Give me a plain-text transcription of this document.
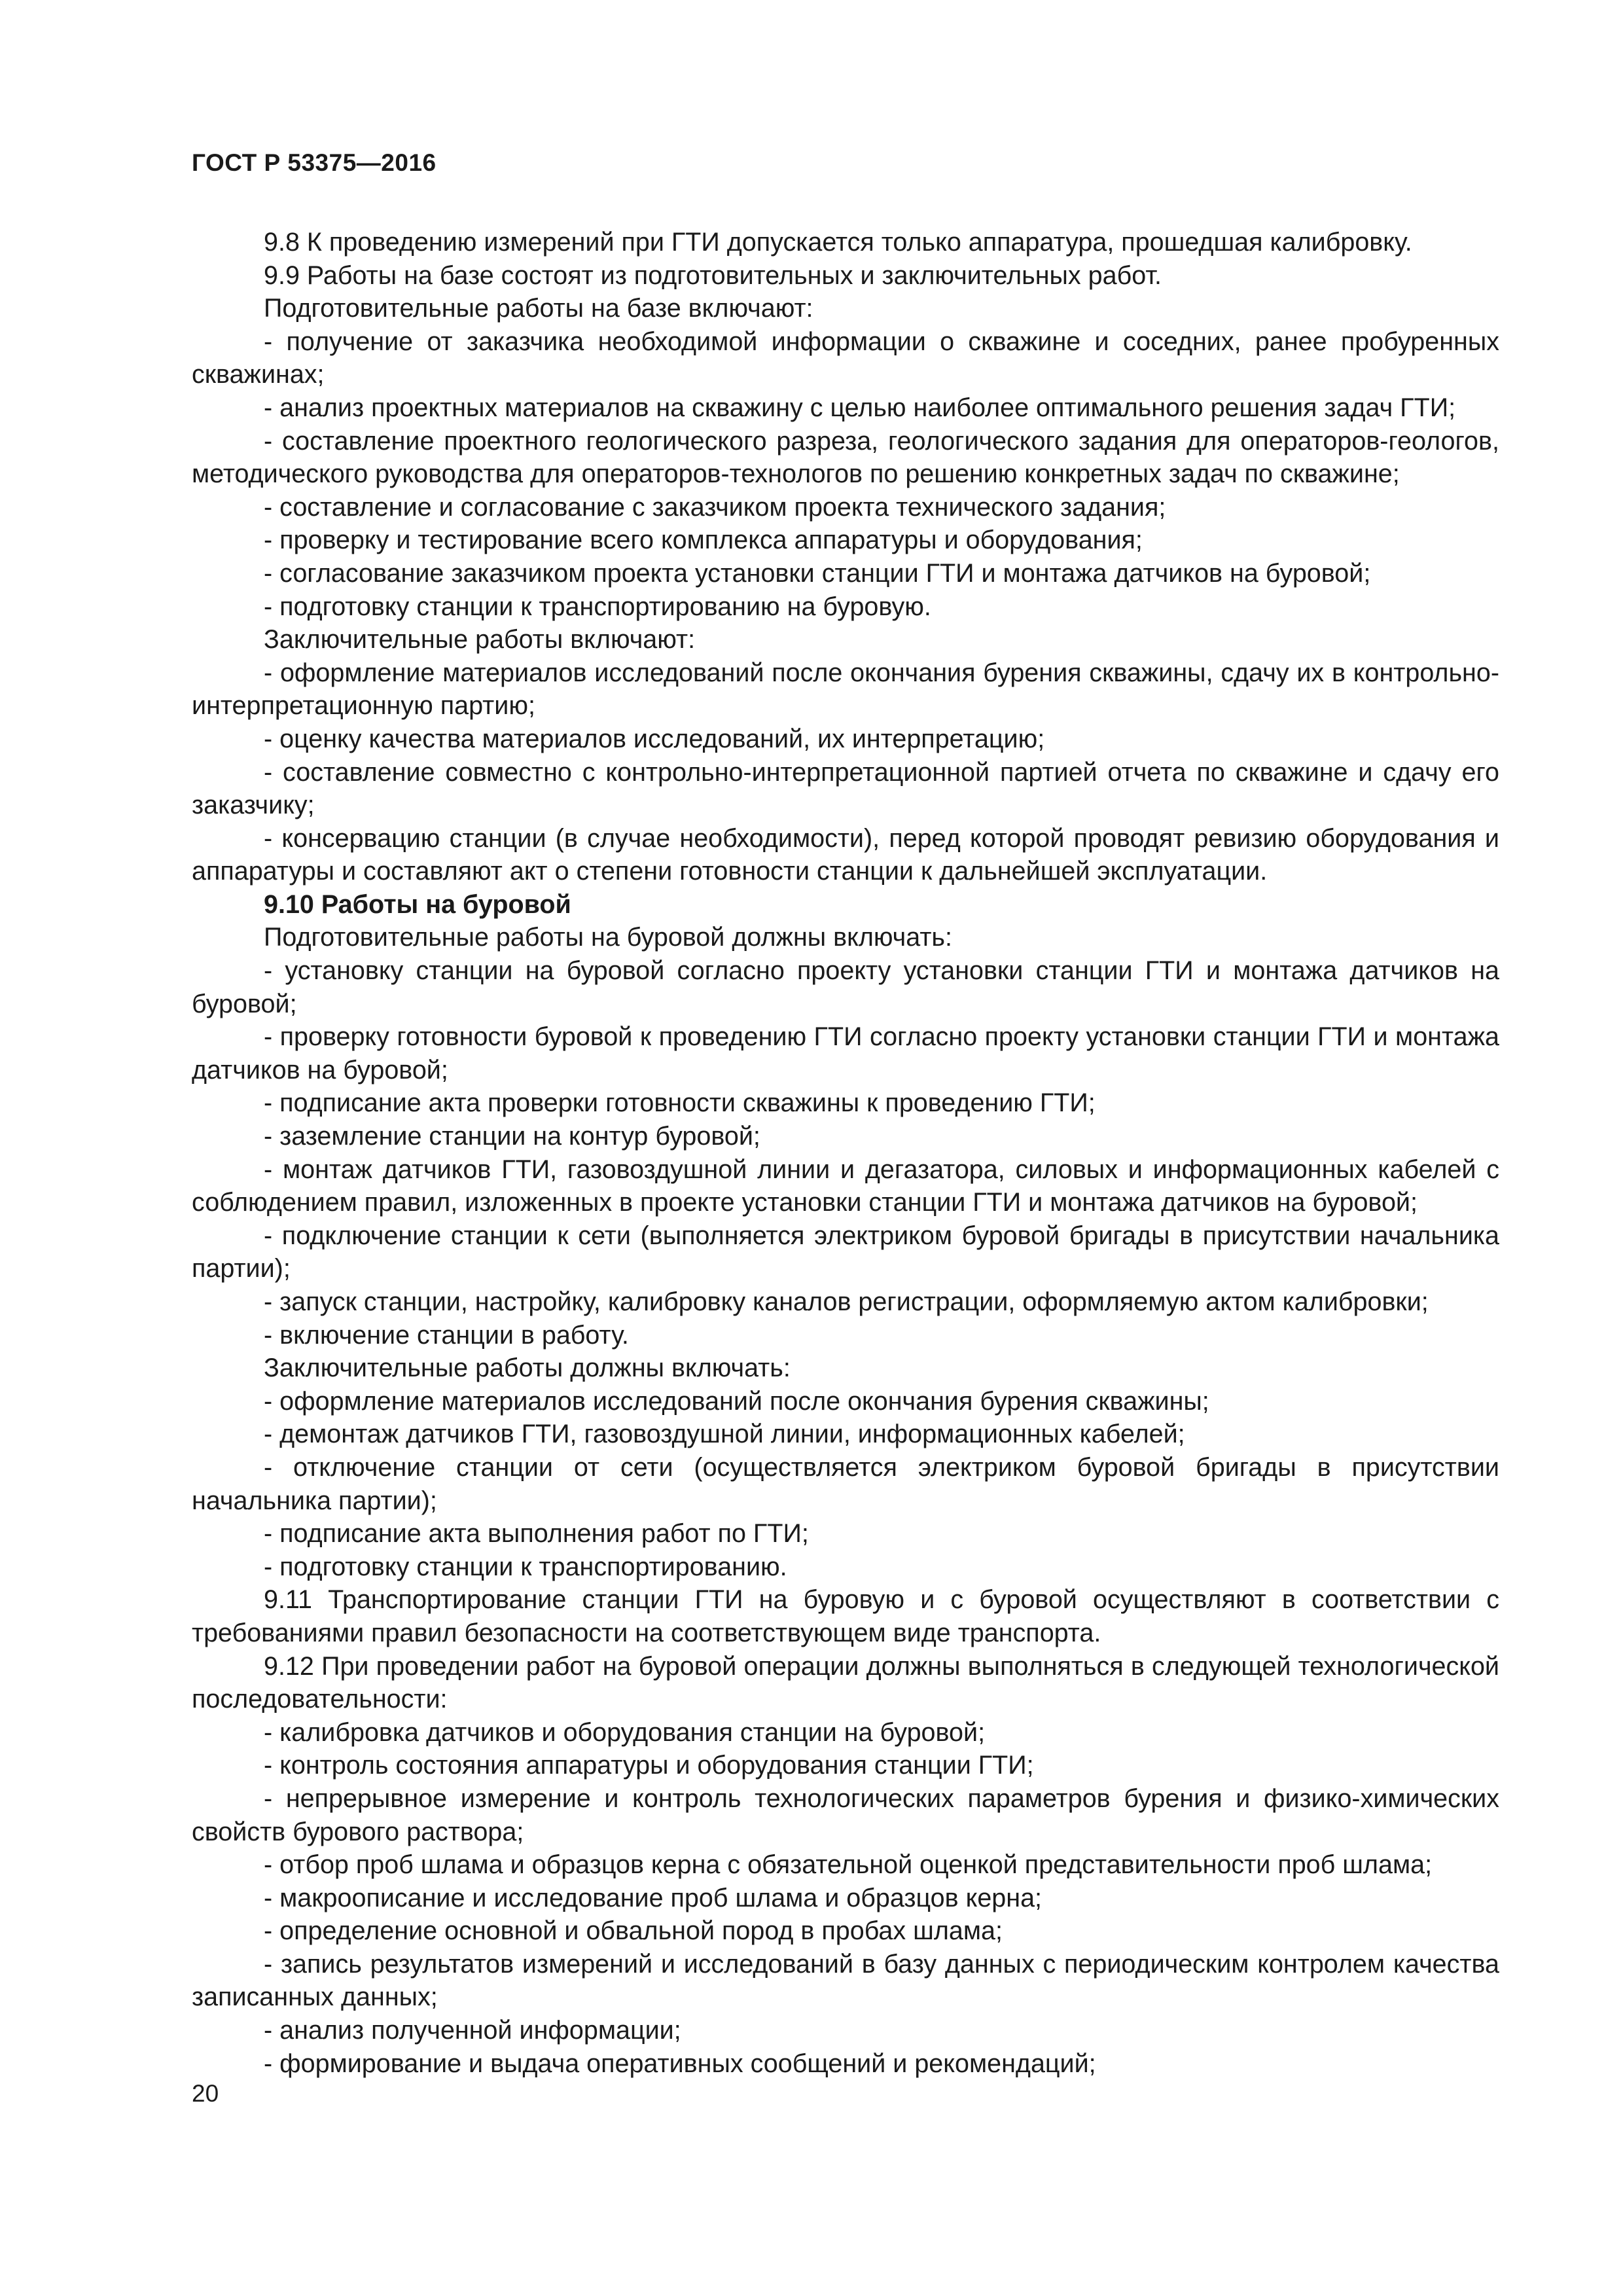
ГОСТ Р 53375—2016

9.8 К проведению измерений при ГТИ допускается только аппаратура, прошедшая калибровку.

9.9 Работы на базе состоят из подготовительных и заключительных работ.

Подготовительные работы на базе включают:

- получение от заказчика необходимой информации о скважине и соседних, ранее пробуренных скважинах;

- анализ проектных материалов на скважину с целью наиболее оптимального решения задач ГТИ;

- составление проектного геологического разреза, геологического задания для операторов-геологов, методического руководства для операторов-технологов по решению конкретных задач по скважине;

- составление и согласование с заказчиком проекта технического задания;

- проверку и тестирование всего комплекса аппаратуры и оборудования;

- согласование заказчиком проекта установки станции ГТИ и монтажа датчиков на буровой;

- подготовку станции к транспортированию на буровую.

Заключительные работы включают:

- оформление материалов исследований после окончания бурения скважины, сдачу их в контрольно-интерпретационную партию;

- оценку качества материалов исследований, их интерпретацию;

- составление совместно с контрольно-интерпретационной партией отчета по скважине и сдачу его заказчику;

- консервацию станции (в случае необходимости), перед которой проводят ревизию оборудования и аппаратуры и составляют акт о степени готовности станции к дальнейшей эксплуатации.

9.10 Работы на буровой

Подготовительные работы на буровой должны включать:

- установку станции на буровой согласно проекту установки станции ГТИ и монтажа датчиков на буровой;

- проверку готовности буровой к проведению ГТИ согласно проекту установки станции ГТИ и монтажа датчиков на буровой;

- подписание акта проверки готовности скважины к проведению ГТИ;

- заземление станции на контур буровой;

- монтаж датчиков ГТИ, газовоздушной линии и дегазатора, силовых и информационных кабелей с соблюдением правил, изложенных в проекте установки станции ГТИ и монтажа датчиков на буровой;

- подключение станции к сети (выполняется электриком буровой бригады в присутствии начальника партии);

- запуск станции, настройку, калибровку каналов регистрации, оформляемую актом калибровки;

- включение станции в работу.

Заключительные работы должны включать:

- оформление материалов исследований после окончания бурения скважины;

- демонтаж датчиков ГТИ, газовоздушной линии, информационных кабелей;

- отключение станции от сети (осуществляется электриком буровой бригады в присутствии начальника партии);

- подписание акта выполнения работ по ГТИ;

- подготовку станции к транспортированию.

9.11 Транспортирование станции ГТИ на буровую и с буровой осуществляют в соответствии с требованиями правил безопасности на соответствующем виде транспорта.

9.12 При проведении работ на буровой операции должны выполняться в следующей технологической последовательности:

- калибровка датчиков и оборудования станции на буровой;

- контроль состояния аппаратуры и оборудования станции ГТИ;

- непрерывное измерение и контроль технологических параметров бурения и физико-химических свойств бурового раствора;

- отбор проб шлама и образцов керна с обязательной оценкой представительности проб шлама;

- макроописание и исследование проб шлама и образцов керна;

- определение основной и обвальной пород в пробах шлама;

- запись результатов измерений и исследований в базу данных с периодическим контролем качества записанных данных;

- анализ полученной информации;

- формирование и выдача оперативных сообщений и рекомендаций;

20
